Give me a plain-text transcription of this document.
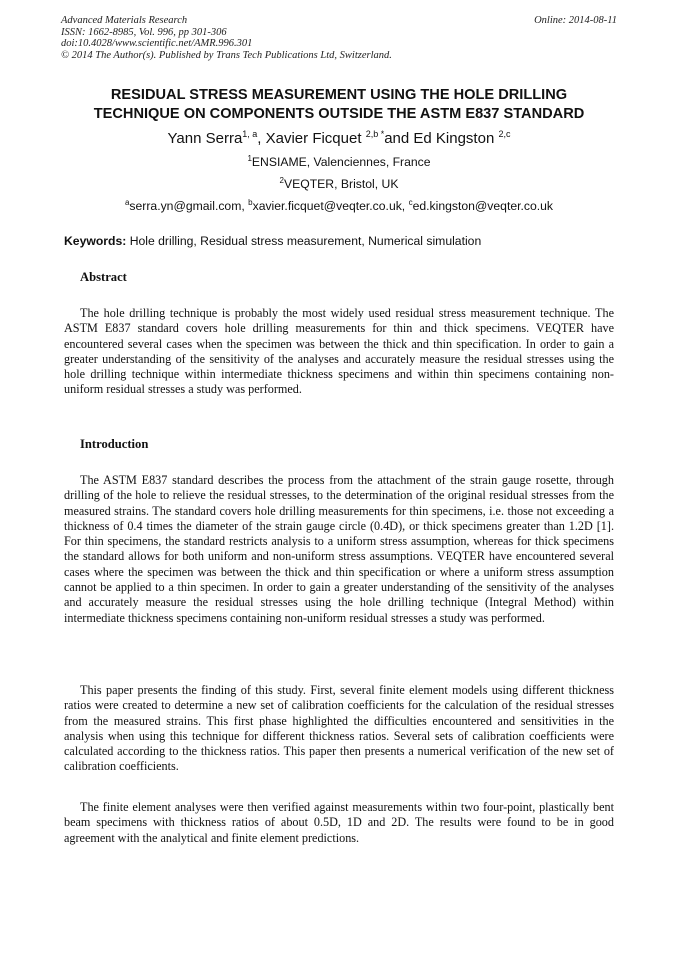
Advanced Materials Research
ISSN: 1662-8985, Vol. 996, pp 301-306
doi:10.4028/www.scientific.net/AMR.996.301
© 2014 The Author(s). Published by Trans Tech Publications Ltd, Switzerland.
Online: 2014-08-11
RESIDUAL STRESS MEASUREMENT USING THE HOLE DRILLING
TECHNIQUE ON COMPONENTS OUTSIDE THE ASTM E837 STANDARD
Yann Serra$^{1, a}$, Xavier Ficquet $^{2,b *}$and Ed Kingston $^{2,c}$
$^1$ENSIAME, Valenciennes, France
$^2$VEQTER, Bristol, UK
$^a$serra.yn@gmail.com, $^b$xavier.ficquet@veqter.co.uk, $^c$ed.kingston@veqter.co.uk
Keywords: Hole drilling, Residual stress measurement, Numerical simulation
Abstract

The hole drilling technique is probably the most widely used residual stress measurement technique. The ASTM E837 standard covers hole drilling measurements for thin and thick specimens. VEQTER have encountered several cases when the specimen was between the thick and thin specification. In order to gain a greater understanding of the sensitivity of the analyses and accurately measure the residual stresses using the hole drilling technique within intermediate thickness specimens and within thin specimens containing non-uniform residual stresses a study was performed.

Introduction

The ASTM E837 standard describes the process from the attachment of the strain gauge rosette, through drilling of the hole to relieve the residual stresses, to the determination of the original residual stresses from the measured strains. The standard covers hole drilling measurements for thin specimens, i.e. those not exceeding a thickness of 0.4 times the diameter of the strain gauge circle (0.4D), or thick specimens greater than 1.2D [1]. For thin specimens, the standard restricts analysis to a uniform stress assumption, whereas for thick specimens the standard allows for both uniform and non-uniform stress assumptions. VEQTER have encountered several cases where the specimen was between the thick and thin specification or where a uniform stress assumption cannot be applied to a thin specimen. In order to gain a greater understanding of the sensitivity of the analyses and accurately measure the residual stresses using the hole drilling technique (Integral Method) within intermediate thickness specimens containing non-uniform residual stresses a study was performed.

This paper presents the finding of this study. First, several finite element models using different thickness ratios were created to determine a new set of calibration coefficients for the calculation of the residual stresses from the measured strains. This first phase highlighted the difficulties encountered and sensitivities in the analysis when using this technique for different thickness ratios. Several sets of calibration coefficients were calculated according to the thickness ratios. This paper then presents a numerical verification of the new set of calibration coefficients.

The finite element analyses were then verified against measurements within two four-point, plastically bent beam specimens with thickness ratios of about 0.5D, 1D and 2D. The results were found to be in good agreement with the analytical and finite element predictions.
